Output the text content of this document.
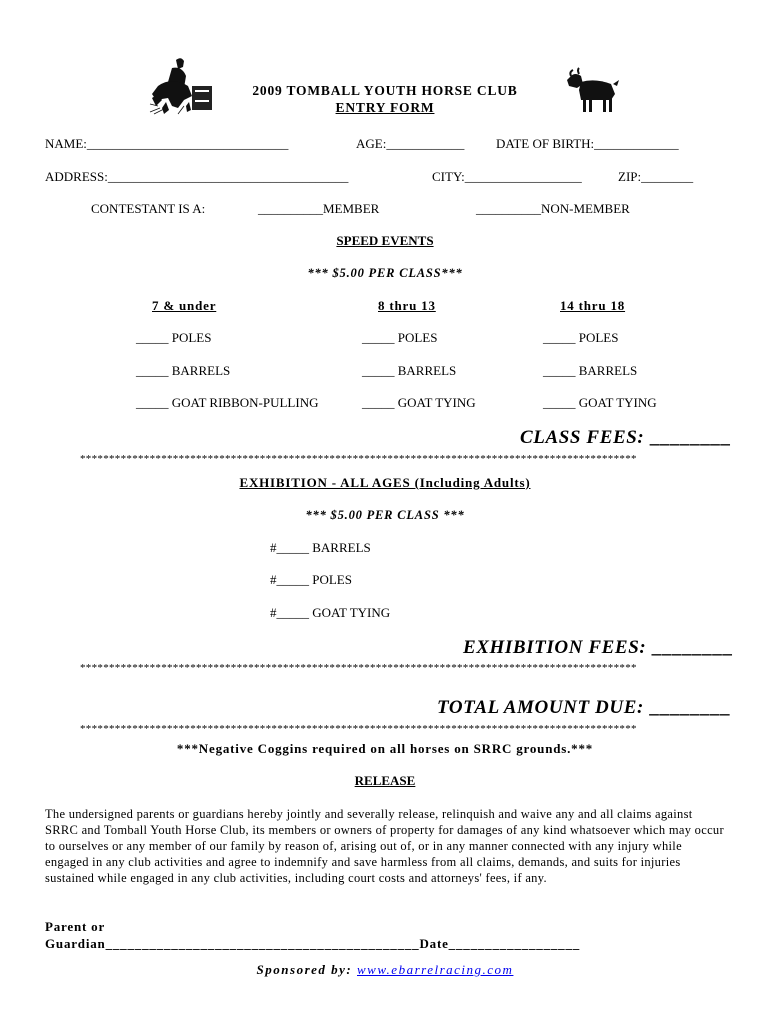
2009 TOMBALL YOUTH HORSE CLUB
ENTRY FORM
NAME:_______________________________	AGE:____________ DATE OF BIRTH:_____________
ADDRESS:_____________________________________	CITY:__________________	ZIP:________
CONTESTANT IS A:	__________MEMBER	__________NON-MEMBER
SPEED EVENTS
*** $5.00 PER CLASS***
7 & under	8 thru 13	14 thru 18
_____ POLES	_____ POLES	_____ POLES
_____ BARRELS	_____ BARRELS	_____ BARRELS
_____ GOAT RIBBON-PULLING	_____ GOAT TYING	_____ GOAT TYING
CLASS FEES: ________
************************************************************************************************
EXHIBITION - ALL AGES (Including Adults)
*** $5.00 PER CLASS ***
#_____ BARRELS
#_____ POLES
#_____ GOAT TYING
EXHIBITION FEES: ________
************************************************************************************************
TOTAL AMOUNT DUE: ________
************************************************************************************************
***Negative Coggins required on all horses on SRRC grounds.***
RELEASE
The undersigned parents or guardians hereby jointly and severally release, relinquish and waive any and all claims against SRRC and Tomball Youth Horse Club, its members or owners of property for damages of any kind whatsoever which may occur to ourselves or any member of our family by reason of, arising out of, or in any manner connected with any injury while engaged in any club activities and agree to indemnify and save harmless from all claims, demands, and suits for injuries sustained while engaged in any club activities, including court costs and attorneys' fees, if any.
Parent or
Guardian___________________________________________Date__________________
Sponsored by: www.ebarrelracing.com
